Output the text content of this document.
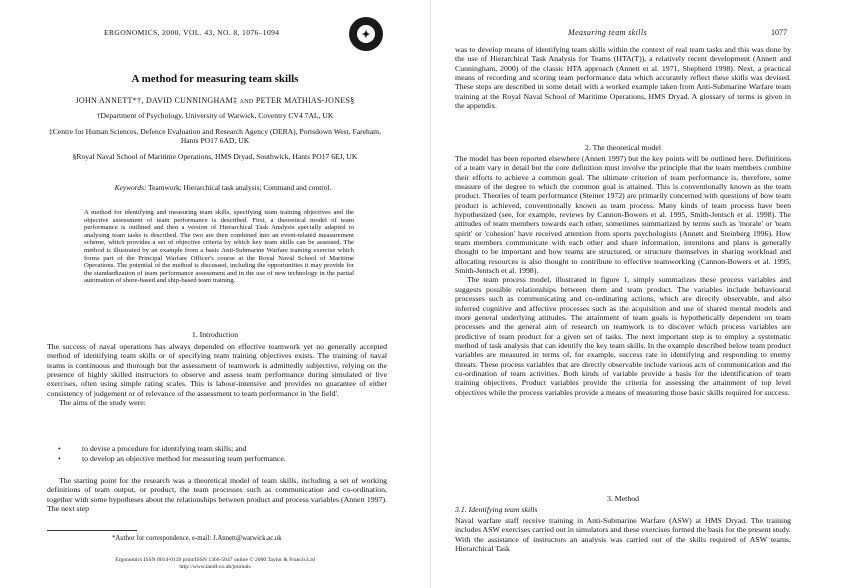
ERGONOMICS, 2000, VOL. 43, NO. 8, 1076–1094	✦
A method for measuring team skills
JOHN ANNETT*†, DAVID CUNNINGHAM‡ and PETER MATHIAS-JONES§
†Department of Psychology, University of Warwick, Coventry CV4 7AL, UK
‡Centre for Human Sciences, Defence Evaluation and Research Agency (DERA), Portsdown West, Fareham, Hants PO17 6AD, UK
§Royal Naval School of Maritime Operations, HMS Dryad, Southwick, Hants PO17 6EJ, UK
Keywords: Teamwork; Hierarchical task analysis; Command and control.
A method for identifying and measuring team skills, specifying team training objectives and the objective assessment of team performance is described. First, a theoretical model of team performance is outlined and then a version of Hierarchical Task Analysis specially adapted to analysing team tasks is described. The two are then combined into an event-related measurement scheme, which provides a set of objective criteria by which key team skills can be assessed. The method is illustrated by an example from a basic Anti-Submarine Warfare training exercise which forms part of the Principal Warfare Officer's course at the Royal Naval School of Maritime Operations. The potential of the method is discussed, including the opportunities it may provide for the standardization of team performance assessment and in the use of new technology in the partial automation of shore-based and ship-based team training.
1. Introduction

The success of naval operations has always depended on effective teamwork yet no generally accepted method of identifying team skills or of specifying team training objectives exists. The training of naval teams is continuous and thorough but the assessment of teamwork is admittedly subjective, relying on the presence of highly skilled instructors to observe and assess team performance during simulated or live exercises, often using simple rating scales. This is labour-intensive and provides no guarantee of either consistency of judgement or of relevance of the assessment to team performance in 'the field'.

The aims of the study were:

•	to devise a procedure for identifying team skills; and
•	to develop an objective method for measuring team performance.

The starting point for the research was a theoretical model of team skills, including a set of working definitions of team output, or product, the team processes such as communication and co-ordination, together with some hypotheses about the relationships between product and process variables (Annett 1997). The next step

*Author for correspondence. e-mail: J.Annett@warwick.ac.uk
Ergonomics ISSN 0014-0139 print/ISSN 1366-5847 online © 2000 Taylor & Francis Ltd
http://www.tandf.co.uk/journals
Measuring team skills	1077

was to develop means of identifying team skills within the context of real team tasks and this was done by the use of Hierarchical Task Analysis for Teams (HTA(T)), a relatively recent development (Annett and Cunningham, 2000) of the classic HTA approach (Annett et al. 1971, Shepherd 1998). Next, a practical means of recording and scoring team performance data which accurately reflect these skills was devised. These steps are described in some detail with a worked example taken from Anti-Submarine Warfare team training at the Royal Naval School of Maritime Operations, HMS Dryad. A glossary of terms is given in the appendix.

2. The theoretical model

The model has been reported elsewhere (Annett 1997) but the key points will be outlined here. Definitions of a team vary in detail but the core definition must involve the principle that the team members combine their efforts to achieve a common goal. The ultimate criterion of team performance is, therefore, some measure of the degree to which the common goal is attained. This is conventionally known as the team product. Theories of team performance (Steiner 1972) are primarily concerned with questions of how team product is achieved, conventionally known as team process. Many kinds of team process have been hypothesized (see, for example, reviews by Cannon-Bowers et al. 1995, Smith-Jentsch et al. 1998). The attitudes of team members towards each other, sometimes summarized by terms such as 'morale' or 'team spirit' or 'cohesion' have received attention from sports psychologists (Annett and Steinberg 1996). How team members communicate with each other and share information, intentions and plans is generally thought to be important and how teams are structured, or structure themselves in sharing workload and allocating resources is also thought to contribute to effective teamworking (Cannon-Bowers et al. 1995, Smith-Jentsch et al. 1998).

The team process model, illustrated in figure 1, simply summarizes these process variables and suggests possible relationships between them and team product. The variables include behavioural processes such as communicating and co-ordinating actions, which are directly observable, and also inferred cognitive and affective processes such as the acquisition and use of shared mental models and more general underlying attitudes. The attainment of team goals is hypothetically dependent on team processes and the general aim of research on teamwork is to discover which process variables are predictive of team product for a given set of tasks. The next important step is to employ a systematic method of task analysis that can identify the key team skills. In the example described below team product variables are measured in terms of, for example, success rate in identifying and responding to enemy threats. These process variables that are directly observable include various acts of communication and the co-ordination of team activities. Both kinds of variable provide a basis for the identification of team training objectives. Product variables provide the criteria for assessing the attainment of top level objectives while the process variables provide a means of measuring those basic skills required for success.

3. Method
3.1. Identifying team skills

Naval warfare staff receive training in Anti-Submarine Warfare (ASW) at HMS Dryad. The training includes ASW exercises carried out in simulators and these exercises formed the basis for the present study. With the assistance of instructors an analysis was carried out of the skills required of ASW teams. Hierarchical Task
